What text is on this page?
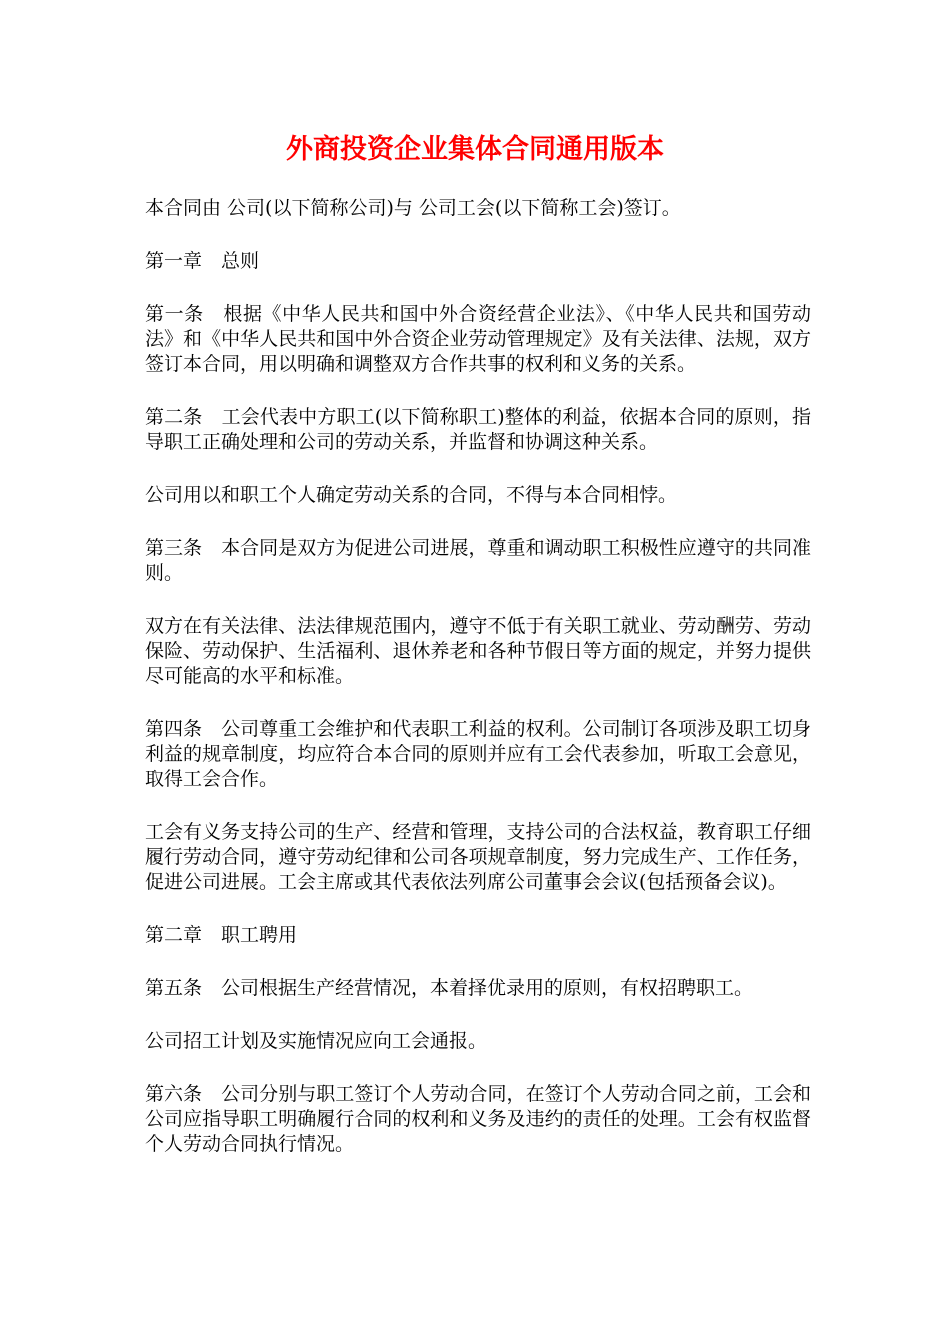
外商投资企业集体合同通用版本

本合同由 公司(以下简称公司)与 公司工会(以下简称工会)签订。

第一章　总则

第一条　根据《中华人民共和国中外合资经营企业法》、《中华人民共和国劳动法》和《中华人民共和国中外合资企业劳动管理规定》及有关法律、法规，双方签订本合同，用以明确和调整双方合作共事的权利和义务的关系。

第二条　工会代表中方职工(以下简称职工)整体的利益，依据本合同的原则，指导职工正确处理和公司的劳动关系，并监督和协调这种关系。

公司用以和职工个人确定劳动关系的合同，不得与本合同相悖。

第三条　本合同是双方为促进公司进展，尊重和调动职工积极性应遵守的共同准则。

双方在有关法律、法法律规范围内，遵守不低于有关职工就业、劳动酬劳、劳动保险、劳动保护、生活福利、退休养老和各种节假日等方面的规定，并努力提供尽可能高的水平和标准。

第四条　公司尊重工会维护和代表职工利益的权利。公司制订各项涉及职工切身利益的规章制度，均应符合本合同的原则并应有工会代表参加，听取工会意见，取得工会合作。

工会有义务支持公司的生产、经营和管理，支持公司的合法权益，教育职工仔细履行劳动合同，遵守劳动纪律和公司各项规章制度，努力完成生产、工作任务，促进公司进展。工会主席或其代表依法列席公司董事会会议(包括预备会议)。

第二章　职工聘用

第五条　公司根据生产经营情况，本着择优录用的原则，有权招聘职工。

公司招工计划及实施情况应向工会通报。

第六条　公司分别与职工签订个人劳动合同，在签订个人劳动合同之前，工会和公司应指导职工明确履行合同的权利和义务及违约的责任的处理。工会有权监督个人劳动合同执行情况。
